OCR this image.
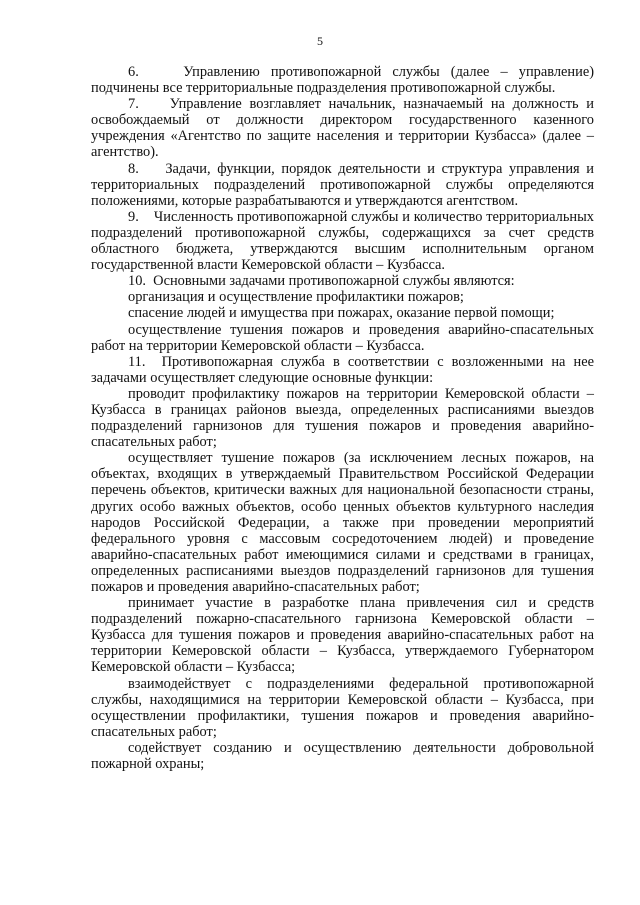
5

6.    Управлению противопожарной службы (далее – управление) подчинены все территориальные подразделения противопожарной службы.

7.    Управление возглавляет начальник, назначаемый на должность и освобождаемый от должности директором государственного казенного учреждения «Агентство по защите населения и территории Кузбасса» (далее – агентство).

8.    Задачи, функции, порядок деятельности и структура управления и территориальных подразделений противопожарной службы определяются положениями, которые разрабатываются и утверждаются агентством.

9.    Численность противопожарной службы и количество территориальных подразделений противопожарной службы, содержащихся за счет средств областного бюджета, утверждаются высшим исполнительным органом государственной власти Кемеровской области – Кузбасса.

10.  Основными задачами противопожарной службы являются:

организация и осуществление профилактики пожаров;

спасение людей и имущества при пожарах, оказание первой помощи;

осуществление тушения пожаров и проведения аварийно-спасательных работ на территории Кемеровской области – Кузбасса.

11.  Противопожарная служба в соответствии с возложенными на нее задачами осуществляет следующие основные функции:

проводит профилактику пожаров на территории Кемеровской области – Кузбасса в границах районов выезда, определенных расписаниями выездов подразделений гарнизонов для тушения пожаров и проведения аварийно-спасательных работ;

осуществляет тушение пожаров (за исключением лесных пожаров, на объектах, входящих в утверждаемый Правительством Российской Федерации перечень объектов, критически важных для национальной безопасности страны, других особо важных объектов, особо ценных объектов культурного наследия народов Российской Федерации, а также при проведении мероприятий федерального уровня с массовым сосредоточением людей) и проведение аварийно-спасательных работ имеющимися силами и средствами в границах, определенных расписаниями выездов подразделений гарнизонов для тушения пожаров и проведения аварийно-спасательных работ;

принимает участие в разработке плана привлечения сил и средств подразделений пожарно-спасательного гарнизона Кемеровской области – Кузбасса для тушения пожаров и проведения аварийно-спасательных работ на территории Кемеровской области – Кузбасса, утверждаемого Губернатором Кемеровской области – Кузбасса;

взаимодействует с подразделениями федеральной противопожарной службы, находящимися на территории Кемеровской области – Кузбасса, при осуществлении профилактики, тушения пожаров и проведения аварийно-спасательных работ;

содействует созданию и осуществлению деятельности добровольной пожарной охраны;
